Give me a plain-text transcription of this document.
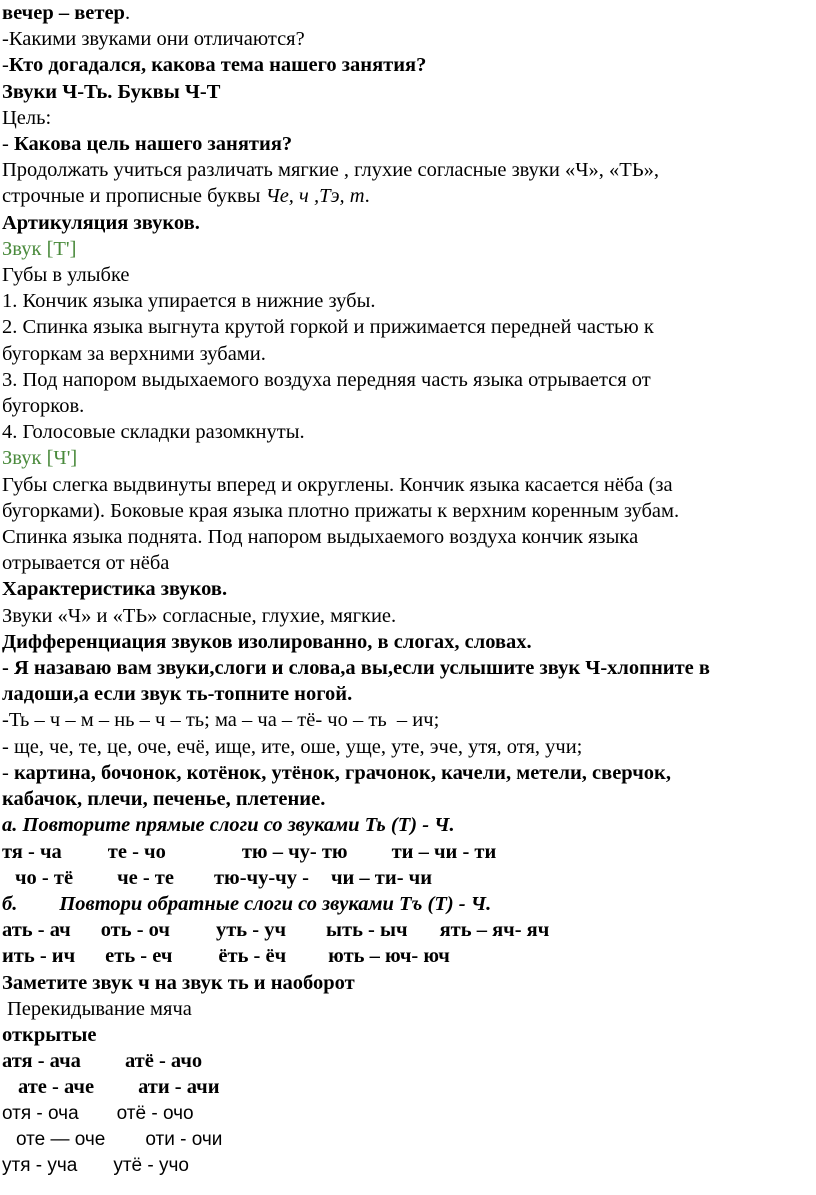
вечер – ветер.

-Какими звуками они отличаются?

-Кто догадался, какова тема нашего занятия?

Звуки Ч-Ть. Буквы Ч-Т

Цель:

- Какова цель нашего занятия?

Продолжать учиться различать мягкие , глухие согласные звуки «Ч», «ТЬ»,

строчные и прописные буквы Че, ч ,Тэ, т.

Артикуляция звуков.

Звук [Т']

Губы в улыбке

1. Кончик языка упирается в нижние зубы.

2. Спинка языка выгнута крутой горкой и прижимается передней частью к

бугоркам за верхними зубами.

3. Под напором выдыхаемого воздуха передняя часть языка отрывается от

бугорков.

4. Голосовые складки разомкнуты.

Звук [Ч']

Губы слегка выдвинуты вперед и округлены. Кончик языка касается нёба (за

бугорками). Боковые края языка плотно прижаты к верхним коренным зубам.

Спинка языка поднята. Под напором выдыхаемого воздуха кончик языка

отрывается от нёба

Характеристика звуков.

Звуки «Ч» и «ТЬ» согласные, глухие, мягкие.

Дифференциация звуков изолированно, в слогах, словах.

- Я назаваю вам звуки,слоги и слова,а вы,если услышите звук Ч-хлопните в

ладоши,а если звук ть-топните ногой.

-Ть – ч – м – нь – ч – ть; ма – ча – тё- чо – ть  – ич;

- ще, че, те, це, оче, ечё, ище, ите, оше, уще, уте, эче, утя, отя, учи;

- картина, бочонок, котёнок, утёнок, грачонок, качели, метели, сверчок,

кабачок, плечи, печенье, плетение.

а. Повторите прямые слоги со звуками Ть (Т) - Ч.

тя - ча те - чо	тю – чу- тю ти – чи - ти

чо - тё че - те тю-чу-чу - чи – ти- чи

б. Повтори обратные слоги со звуками Тъ (Т) - Ч.

ать - ач оть - оч уть - уч ыть - ыч ять – яч- яч

ить - ич еть - еч ёть - ёч ють – юч- юч

Заметите звук ч на звук ть и наоборот

Перекидывание мяча

открытые

атя - ача атё - ачо

ате - аче ати - ачи

отя - оча отё - очо

оте — оче оти - очи

утя - уча утё - учо
